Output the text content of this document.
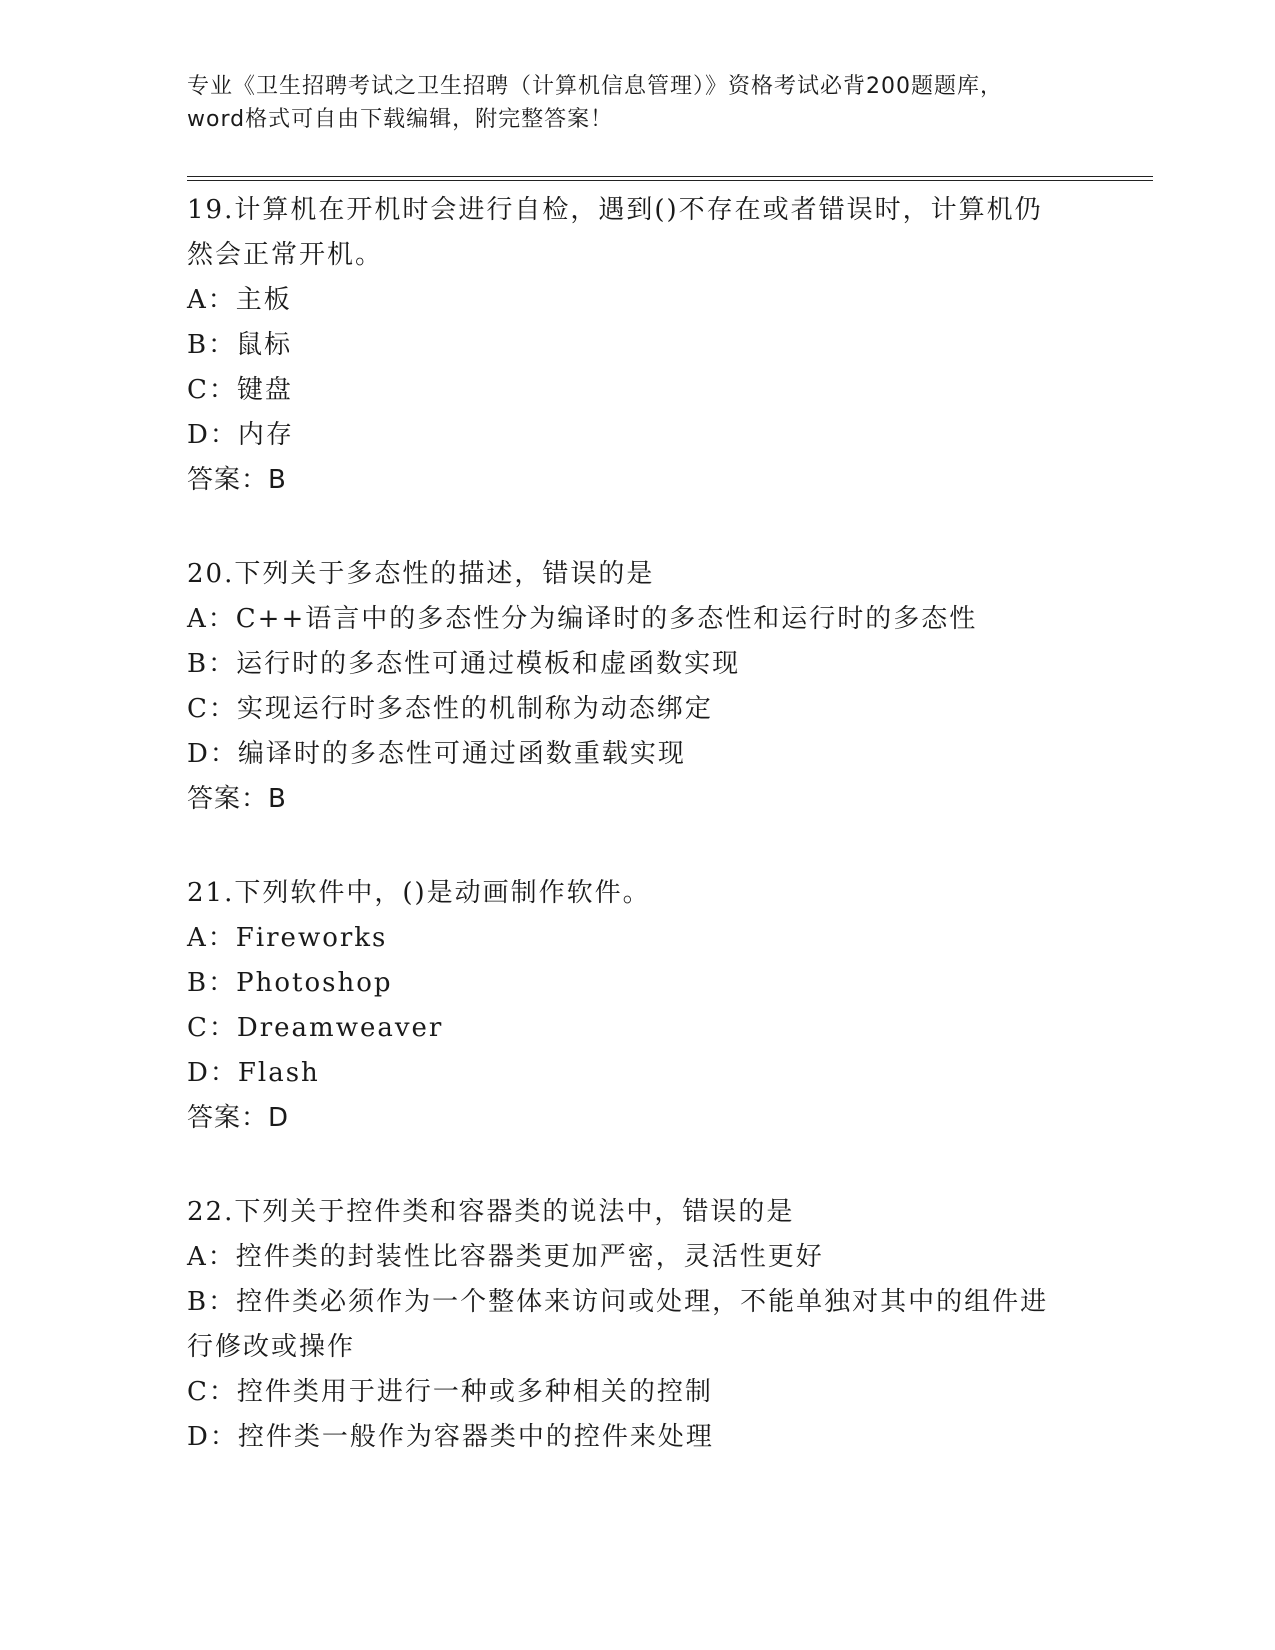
专业《卫生招聘考试之卫生招聘（计算机信息管理）》资格考试必背200题题库，
word格式可自由下载编辑，附完整答案！
19.计算机在开机时会进行自检，遇到()不存在或者错误时，计算机仍
然会正常开机。
A：主板
B：鼠标
C：键盘
D：内存
答案：B
20.下列关于多态性的描述，错误的是
A：C++语言中的多态性分为编译时的多态性和运行时的多态性
B：运行时的多态性可通过模板和虚函数实现
C：实现运行时多态性的机制称为动态绑定
D：编译时的多态性可通过函数重载实现
答案：B
21.下列软件中，()是动画制作软件。
A：Fireworks
B：Photoshop
C：Dreamweaver
D：Flash
答案：D
22.下列关于控件类和容器类的说法中，错误的是
A：控件类的封装性比容器类更加严密，灵活性更好
B：控件类必须作为一个整体来访问或处理，不能单独对其中的组件进
行修改或操作
C：控件类用于进行一种或多种相关的控制
D：控件类一般作为容器类中的控件来处理
